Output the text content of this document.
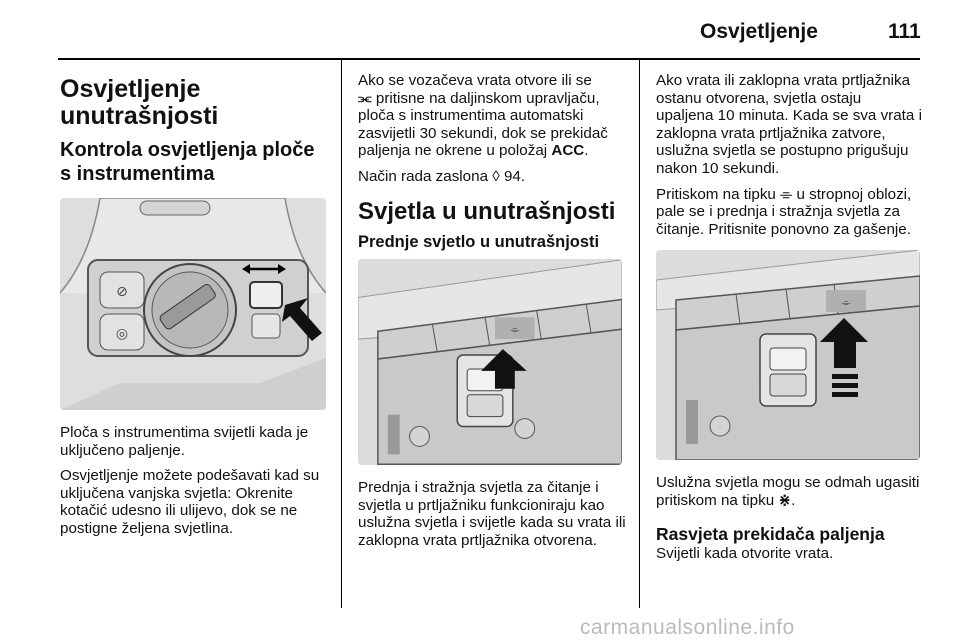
Osvjetljenje	111
Osvjetljenje unutrašnjosti
Kontrola osvjetljenja ploče s instrumentima
⊘
◎

Ploča s instrumentima svijetli kada je uključeno paljenje.

Osvjetljenje možete podešavati kad su uključena vanjska svjetla: Okrenite kotačić udesno ili ulijevo, dok se ne postigne željena svjetlina.

Ako se vozačeva vrata otvore ili se
⫘ pritisne na daljinskom upravljaču, ploča s instrumentima automatski zasvijetli 30 sekundi, dok se prekidač paljenja ne okrene u položaj ACC.

Način rada zaslona ◊ 94.

Svjetla u unutrašnjosti
Prednje svjetlo u unutrašnjosti
⌯

Prednja i stražnja svjetla za čitanje i svjetla u prtljažniku funkcioniraju kao uslužna svjetla i svijetle kada su vrata ili zaklopna vrata prtljažnika otvorena.

Ako vrata ili zaklopna vrata prtljažnika ostanu otvorena, svjetla ostaju upaljena 10 minuta. Kada se sva vrata i zaklopna vrata prtljažnika zatvore, uslužna svjetla se postupno prigušuju nakon 10 sekundi.

Pritiskom na tipku ⌯ u stropnoj oblozi, pale se i prednja i stražnja svjetla za čitanje. Pritisnite ponovno za gašenje.

⌯

Uslužna svjetla mogu se odmah ugasiti pritiskom na tipku ⋇.

Rasvjeta prekidača paljenja

Svijetli kada otvorite vrata.

carmanualsonline.info
